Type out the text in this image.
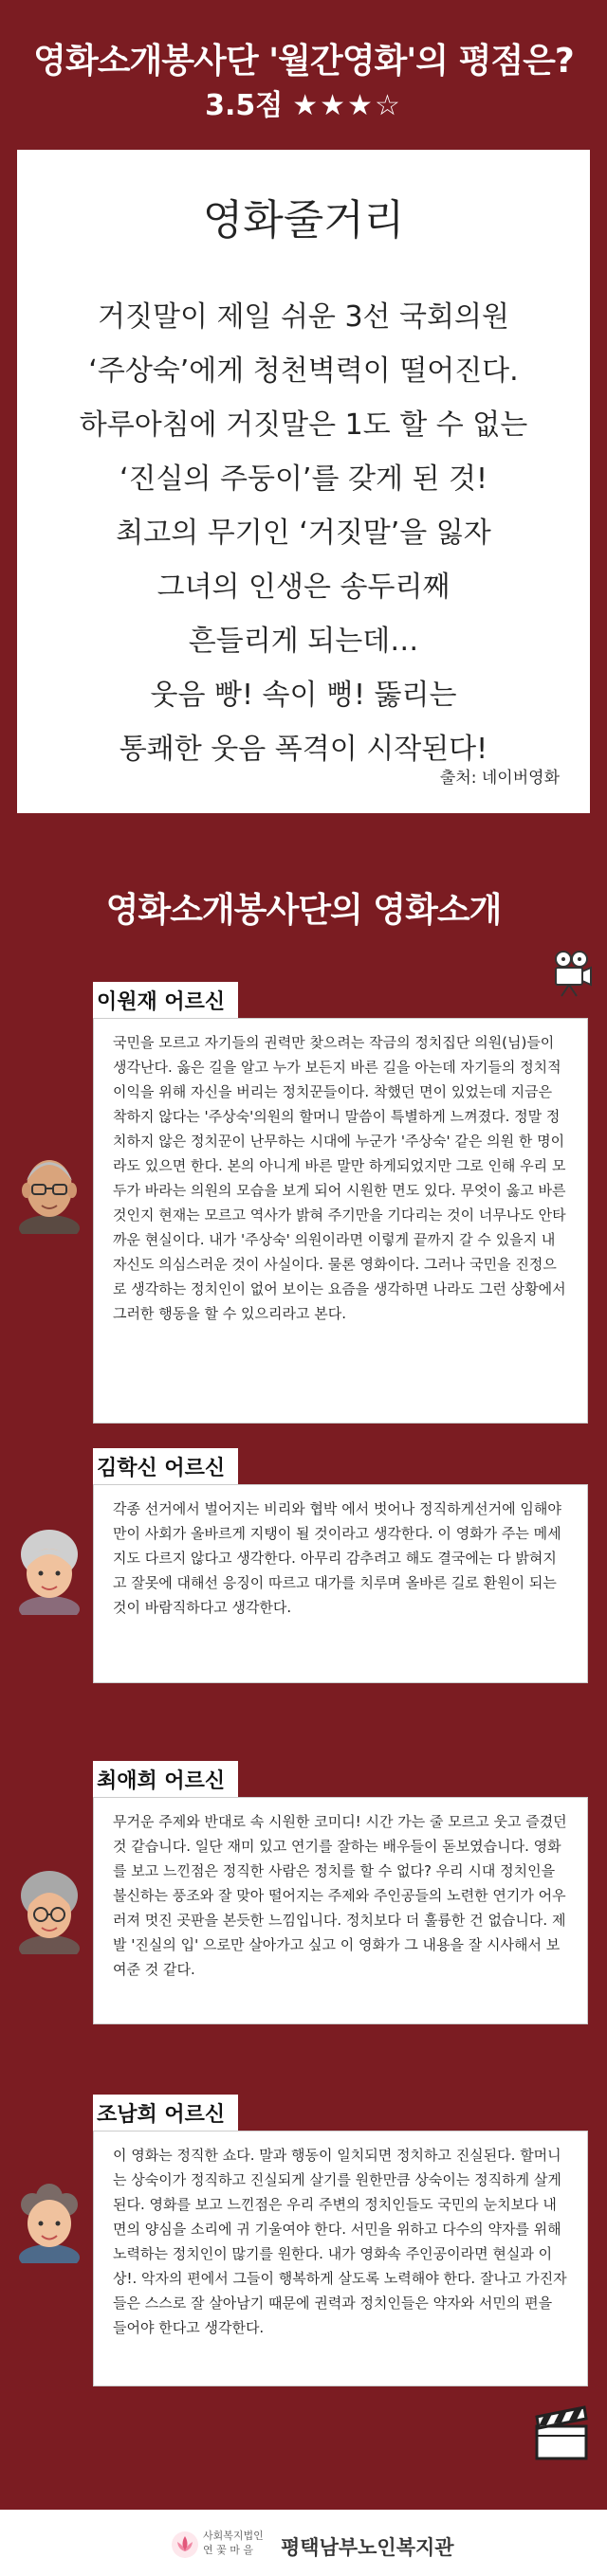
영화소개봉사단 '월간영화'의 평점은?
3.5점 ★★★☆
영화줄거리
거짓말이 제일 쉬운 3선 국회의원
‘주상숙’에게 청천벽력이 떨어진다.
하루아침에 거짓말은 1도 할 수 없는
‘진실의 주둥이’를 갖게 된 것!
최고의 무기인 ‘거짓말’을 잃자
그녀의 인생은 송두리째
흔들리게 되는데…
웃음 빵! 속이 뻥! 뚫리는
통쾌한 웃음 폭격이 시작된다!
출처: 네이버영화
영화소개봉사단의 영화소개
이원재 어르신
국민을 모르고 자기들의 권력만 찾으려는 작금의 정치집단 의원(님)들이 생각난다. 옳은 길을 알고 누가 보든지 바른 길을 아는데 자기들의 정치적 이익을 위해 자신을 버리는 정치꾼들이다. 착했던 면이 있었는데 지금은 착하지 않다는 '주상숙'의원의 할머니 말씀이 특별하게 느껴졌다. 정말 정치하지 않은 정치꾼이 난무하는 시대에 누군가 '주상숙' 같은 의원 한 명이라도 있으면 한다. 본의 아니게 바른 말만 하게되었지만 그로 인해 우리 모두가 바라는 의원의 모습을 보게 되어 시원한 면도 있다. 무엇이 옳고 바른 것인지 현재는 모르고 역사가 밝혀 주기만을 기다리는 것이 너무나도 안타까운 현실이다. 내가 '주상숙' 의원이라면 이렇게 끝까지 갈 수 있을지 내 자신도 의심스러운 것이 사실이다. 물론 영화이다. 그러나 국민을 진정으로 생각하는 정치인이 없어 보이는 요즘을 생각하면 나라도 그런 상황에서 그러한 행동을 할 수 있으리라고 본다.
김학신 어르신
각종 선거에서 벌어지는 비리와 협박 에서 벗어나 정직하게선거에 임해야 만이 사회가 올바르게 지탱이 될 것이라고 생각한다. 이 영화가 주는 메세지도 다르지 않다고 생각한다. 아무리 감추려고 해도 결국에는 다 밝혀지고 잘못에 대해선 응징이 따르고 대가를 치루며 올바른 길로 환원이 되는 것이 바람직하다고 생각한다.
최애희 어르신
무거운 주제와 반대로 속 시원한 코미디! 시간 가는 줄 모르고 웃고 즐겼던 것 같습니다. 일단 재미 있고 연기를 잘하는 배우들이 돋보였습니다. 영화를 보고 느낀점은 정직한 사람은 정치를 할 수 없다? 우리 시대 정치인을 불신하는 풍조와 잘 맞아 떨어지는 주제와 주인공들의 노련한 연기가 어우러져 멋진 곳판을 본듯한 느낌입니다. 정치보다 더 훌륭한 건 없습니다. 제발 '진실의 입' 으로만 살아가고 싶고 이 영화가 그 내용을 잘 시사해서 보여준 것 같다.
조남희 어르신
이 영화는 정직한 쇼다. 말과 행동이 일치되면 정치하고 진실된다. 할머니는 상숙이가 정직하고 진실되게 살기를 원한만큼 상숙이는 정직하게 살게된다. 영화를 보고 느낀점은 우리 주변의 정치인들도 국민의 눈치보다 내면의 양심을 소리에 귀 기울여야 한다. 서민을 위하고 다수의 약자를 위해 노력하는 정치인이 많기를 원한다. 내가 영화속 주인공이라면 현실과 이상!. 악자의 편에서 그들이 행복하게 살도록 노력해야 한다. 잘나고 가진자들은 스스로 잘 살아남기 때문에 권력과 정치인들은 약자와 서민의 편을 들어야 한다고 생각한다.
사회복지법인
연 꽃 마 을	평택남부노인복지관
